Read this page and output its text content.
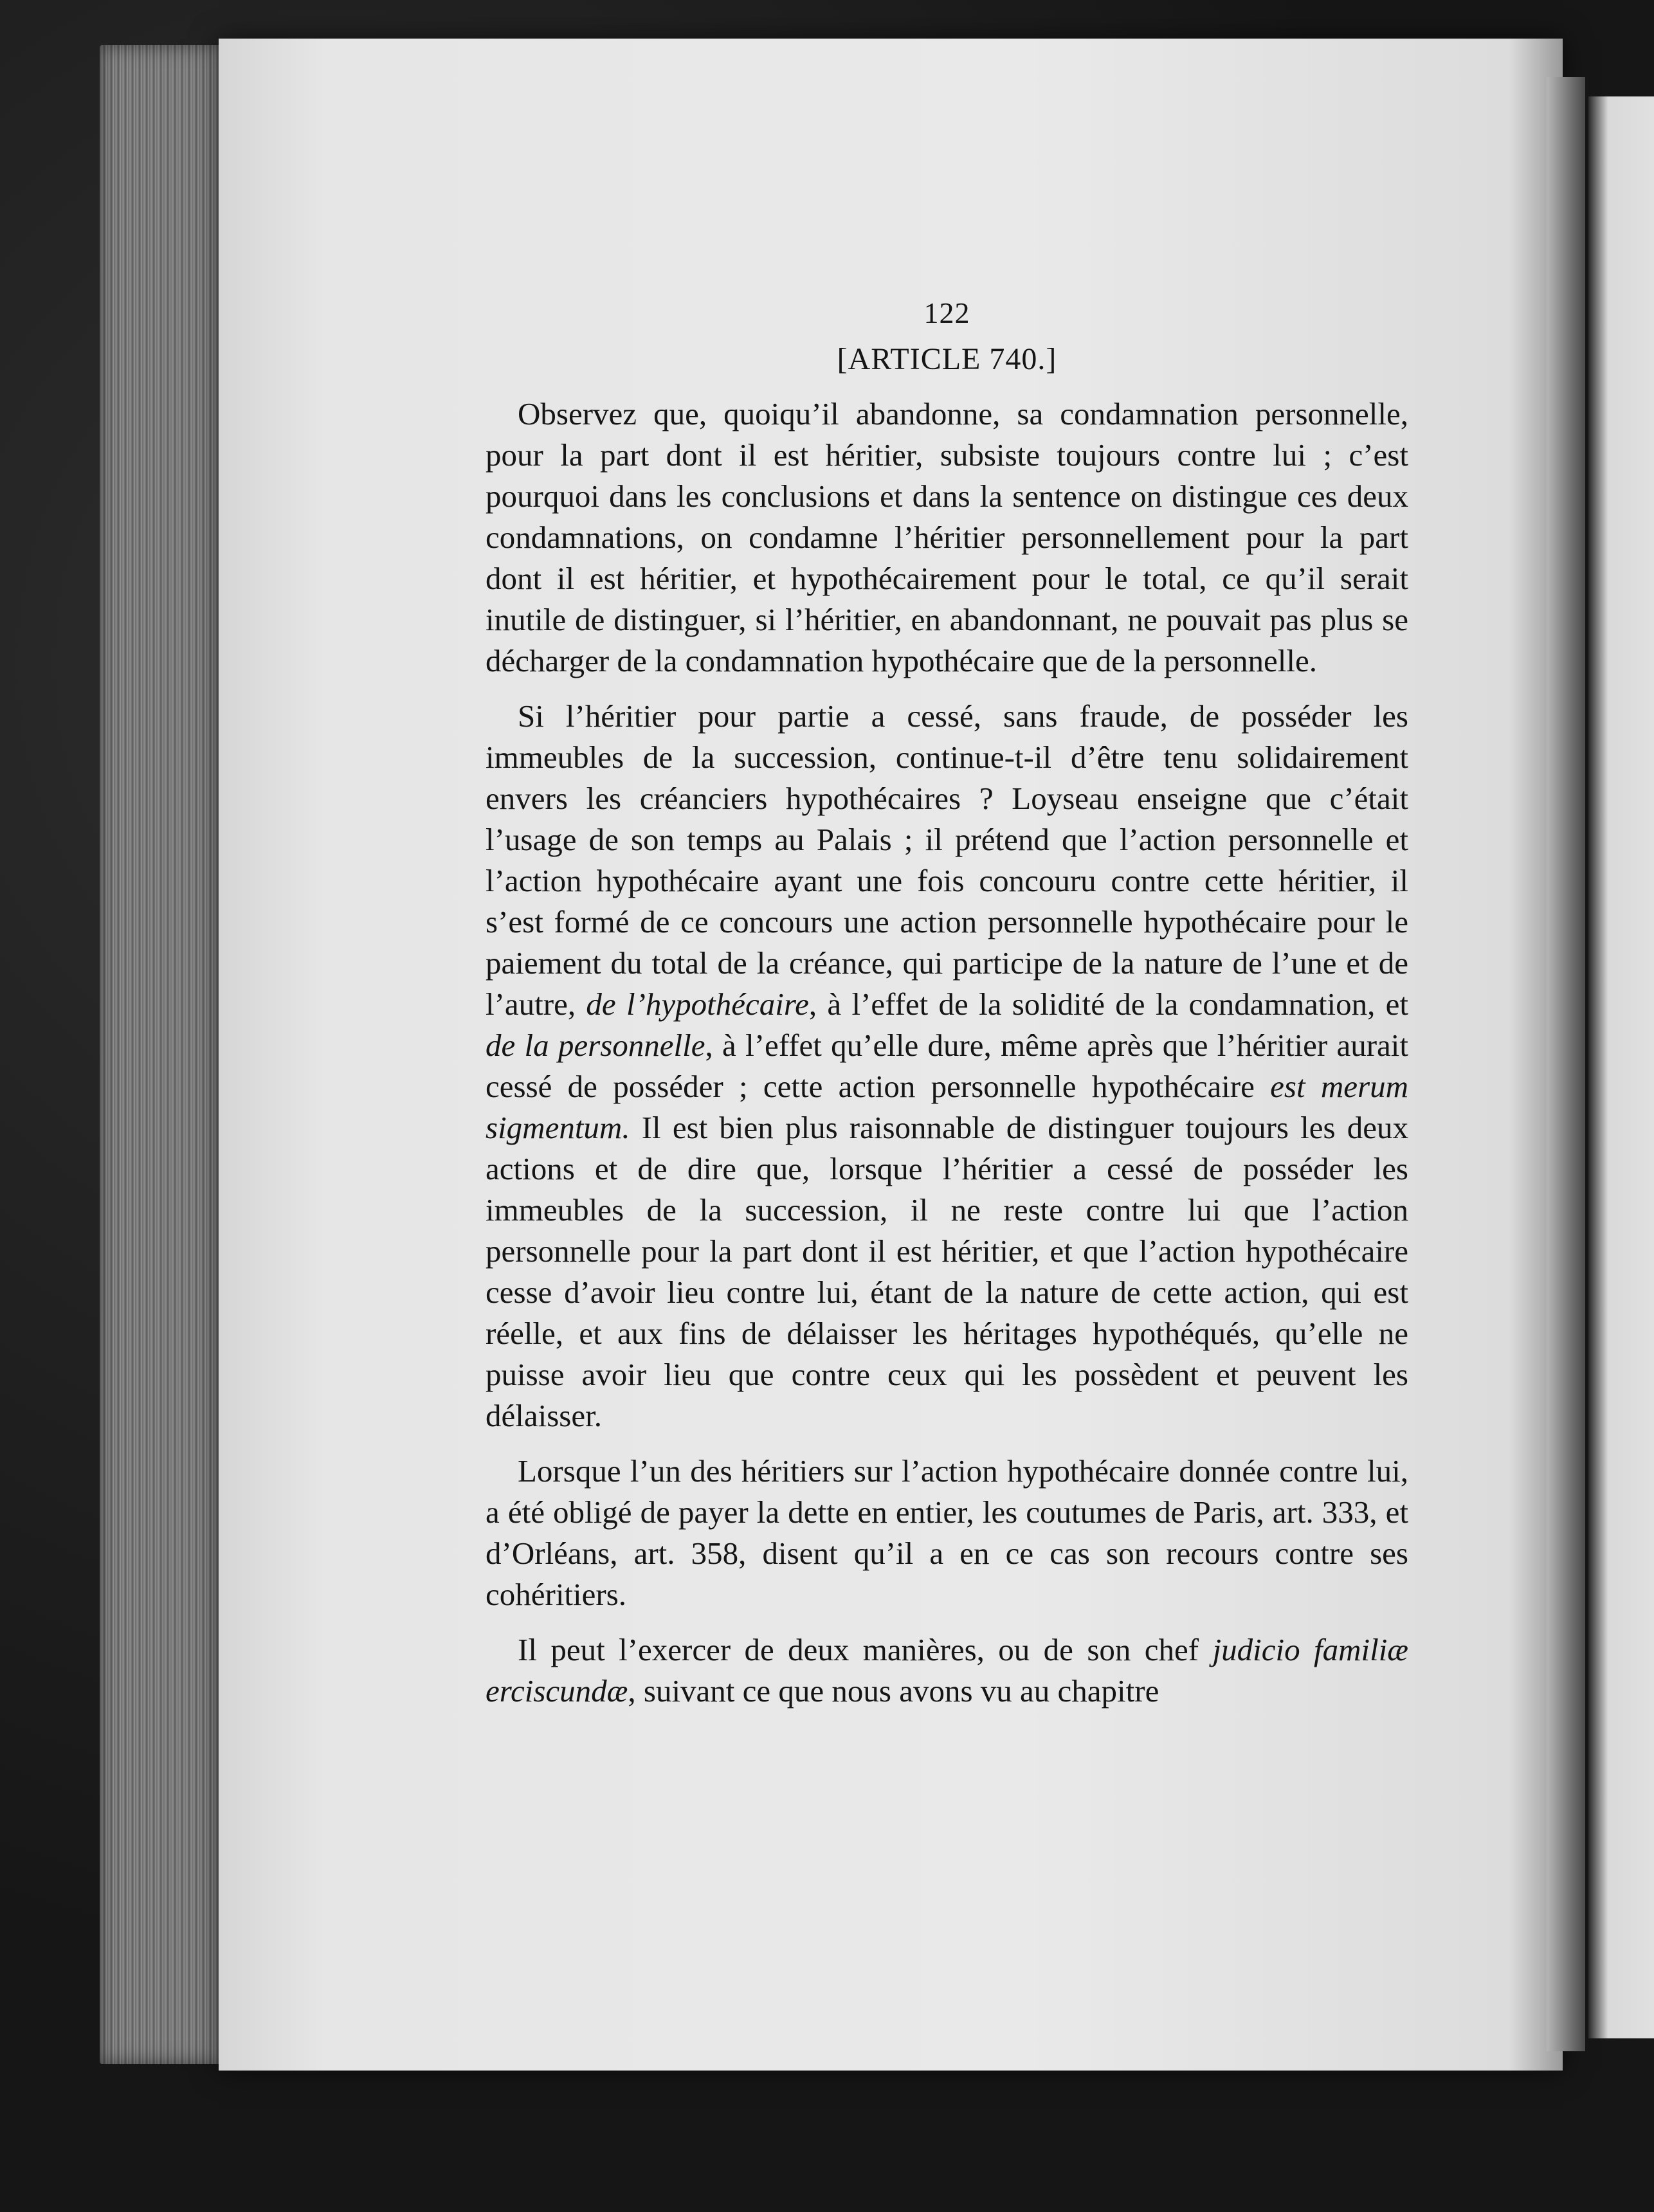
122
[ARTICLE 740.]

Observez que, quoiqu’il abandonne, sa condamnation personnelle, pour la part dont il est héritier, subsiste toujours contre lui ; c’est pourquoi dans les conclusions et dans la sentence on distingue ces deux condamnations, on condamne l’héritier personnellement pour la part dont il est héritier, et hypothécairement pour le total, ce qu’il serait inutile de distinguer, si l’héritier, en abandonnant, ne pouvait pas plus se décharger de la condamnation hypothécaire que de la personnelle.

Si l’héritier pour partie a cessé, sans fraude, de posséder les immeubles de la succession, continue-t-il d’être tenu solidairement envers les créanciers hypothécaires ? Loyseau enseigne que c’était l’usage de son temps au Palais ; il prétend que l’action personnelle et l’action hypothécaire ayant une fois concouru contre cette héritier, il s’est formé de ce concours une action personnelle hypothécaire pour le paiement du total de la créance, qui participe de la nature de l’une et de l’autre, de l’hypothécaire, à l’effet de la solidité de la condamnation, et de la personnelle, à l’effet qu’elle dure, même après que l’héritier aurait cessé de posséder ; cette action personnelle hypothécaire est merum sigmentum. Il est bien plus raisonnable de distinguer toujours les deux actions et de dire que, lorsque l’héritier a cessé de posséder les immeubles de la succession, il ne reste contre lui que l’action personnelle pour la part dont il est héritier, et que l’action hypothécaire cesse d’avoir lieu contre lui, étant de la nature de cette action, qui est réelle, et aux fins de délaisser les héritages hypothéqués, qu’elle ne puisse avoir lieu que contre ceux qui les possèdent et peuvent les délaisser.

Lorsque l’un des héritiers sur l’action hypothécaire donnée contre lui, a été obligé de payer la dette en entier, les coutumes de Paris, art. 333, et d’Orléans, art. 358, disent qu’il a en ce cas son recours contre ses cohéritiers.

Il peut l’exercer de deux manières, ou de son chef judicio familiæ erciscundæ, suivant ce que nous avons vu au chapitre
